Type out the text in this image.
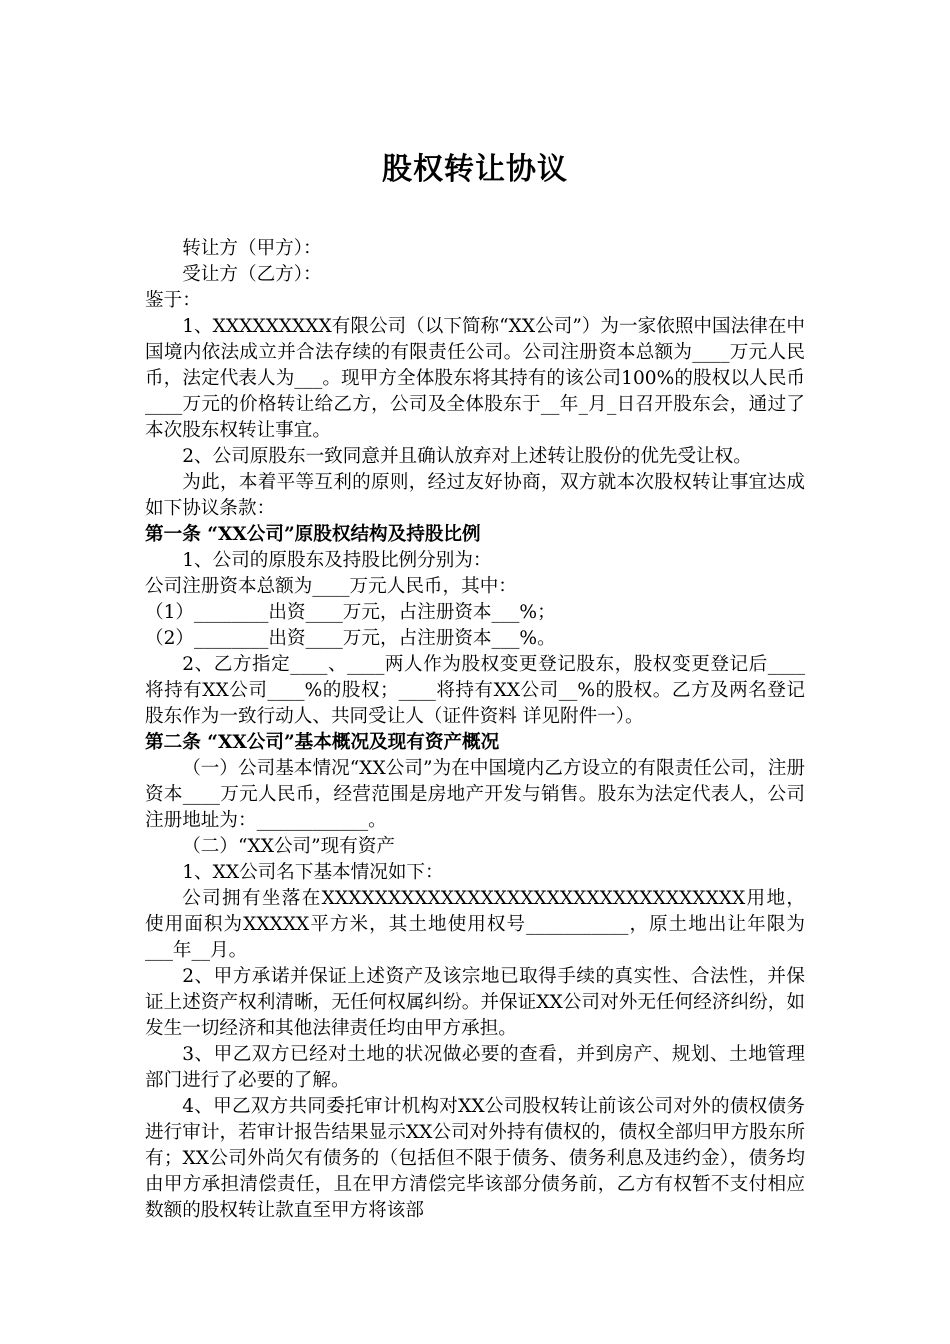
股权转让协议

转让方（甲方）：

受让方（乙方）：

鉴于：

1、XXXXXXXXX有限公司（以下简称“XX公司”）为一家依照中国法律在中国境内依法成立并合法存续的有限责任公司。公司注册资本总额为____万元人民币，法定代表人为___。现甲方全体股东将其持有的该公司100%的股权以人民币____万元的价格转让给乙方，公司及全体股东于__年_月_日召开股东会，通过了本次股东权转让事宜。

2、公司原股东一致同意并且确认放弃对上述转让股份的优先受让权。

为此，本着平等互利的原则，经过友好协商，双方就本次股权转让事宜达成如下协议条款：

第一条 “XX公司”原股权结构及持股比例

1、公司的原股东及持股比例分别为：

公司注册资本总额为____万元人民币，其中：

（1）________出资____万元，占注册资本___%；

（2）________出资____万元，占注册资本___%。

2、乙方指定____、____两人作为股权变更登记股东，股权变更登记后____将持有XX公司____%的股权；____将持有XX公司__%的股权。乙方及两名登记股东作为一致行动人、共同受让人（证件资料 详见附件一）。

第二条 “XX公司”基本概况及现有资产概况

（一）公司基本情况“XX公司”为在中国境内乙方设立的有限责任公司，注册资本____万元人民币，经营范围是房地产开发与销售。股东为法定代表人，公司注册地址为：____________。

（二）“XX公司”现有资产

1、XX公司名下基本情况如下：

公司拥有坐落在XXXXXXXXXXXXXXXXXXXXXXXXXXXXXXXX用地，使用面积为XXXXX平方米，其土地使用权号___________，原土地出让年限为___年__月。

2、甲方承诺并保证上述资产及该宗地已取得手续的真实性、合法性，并保证上述资产权利清晰，无任何权属纠纷。并保证XX公司对外无任何经济纠纷，如发生一切经济和其他法律责任均由甲方承担。

3、甲乙双方已经对土地的状况做必要的查看，并到房产、规划、土地管理部门进行了必要的了解。

4、甲乙双方共同委托审计机构对XX公司股权转让前该公司对外的债权债务进行审计，若审计报告结果显示XX公司对外持有债权的，债权全部归甲方股东所有；XX公司外尚欠有债务的（包括但不限于债务、债务利息及违约金），债务均由甲方承担清偿责任，且在甲方清偿完毕该部分债务前，乙方有权暂不支付相应数额的股权转让款直至甲方将该部
